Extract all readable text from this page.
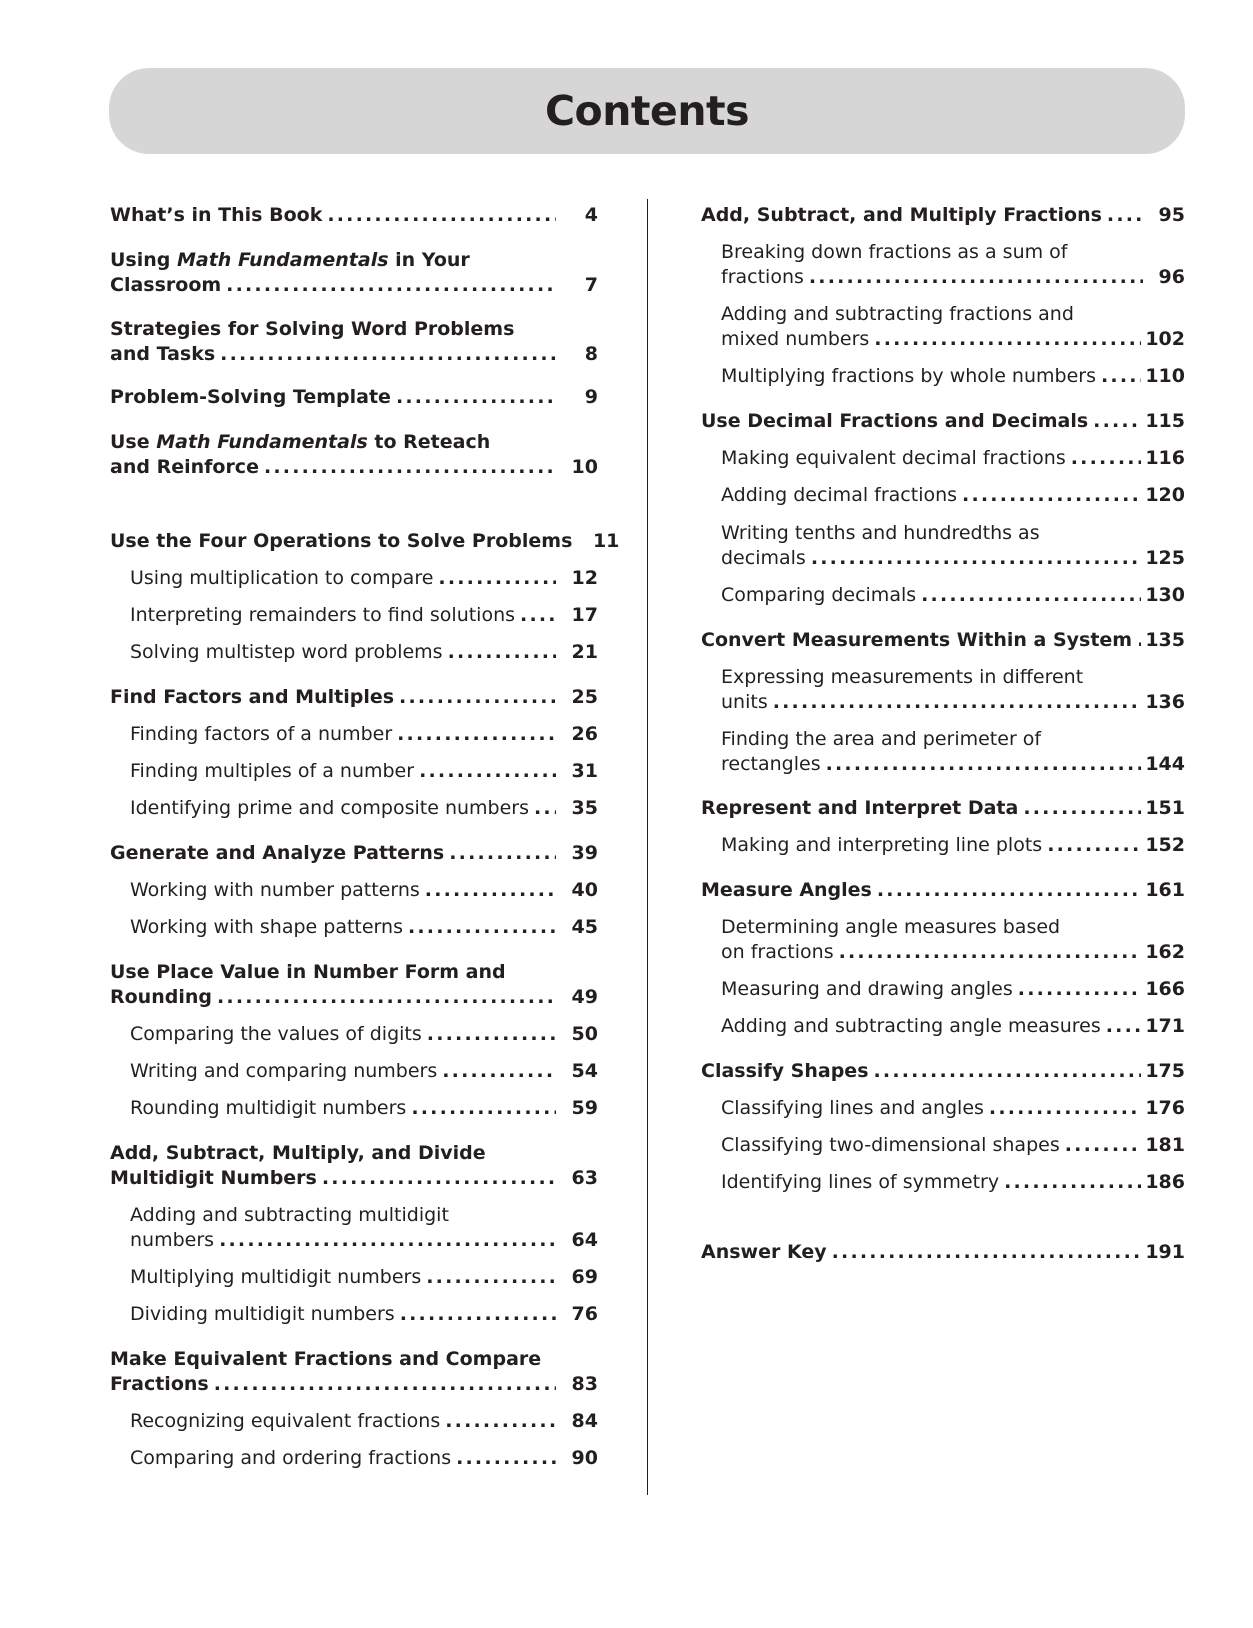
Contents
What’s in This Book .....	4
Using Math Fundamentals in Your
Classroom .....	7
Strategies for Solving Word Problems
and Tasks .....	8
Problem-Solving Template .....	9
Use Math Fundamentals to Reteach
and Reinforce .....	10
Use the Four Operations to Solve Problems	11
Using multiplication to compare .....	12
Interpreting remainders to find solutions .....	17
Solving multistep word problems .....	21
Find Factors and Multiples .....	25
Finding factors of a number .....	26
Finding multiples of a number .....	31
Identifying prime and composite numbers .....	35
Generate and Analyze Patterns .....	39
Working with number patterns .....	40
Working with shape patterns .....	45
Use Place Value in Number Form and
Rounding .....	49
Comparing the values of digits .....	50
Writing and comparing numbers .....	54
Rounding multidigit numbers .....	59
Add, Subtract, Multiply, and Divide
Multidigit Numbers .....	63
Adding and subtracting multidigit
numbers .....	64
Multiplying multidigit numbers .....	69
Dividing multidigit numbers .....	76
Make Equivalent Fractions and Compare
Fractions .....	83
Recognizing equivalent fractions .....	84
Comparing and ordering fractions .....	90
Add, Subtract, and Multiply Fractions .....	95
Breaking down fractions as a sum of
fractions .....	96
Adding and subtracting fractions and
mixed numbers .....	102
Multiplying fractions by whole numbers .....	110
Use Decimal Fractions and Decimals .....	115
Making equivalent decimal fractions .....	116
Adding decimal fractions .....	120
Writing tenths and hundredths as
decimals .....	125
Comparing decimals .....	130
Convert Measurements Within a System ..... 135
Expressing measurements in different
units .....	136
Finding the area and perimeter of
rectangles .....	144
Represent and Interpret Data .....	151
Making and interpreting line plots .....	152
Measure Angles .....	161
Determining angle measures based
on fractions .....	162
Measuring and drawing angles .....	166
Adding and subtracting angle measures ..... 171
Classify Shapes .....	175
Classifying lines and angles .....	176
Classifying two-dimensional shapes .....	181
Identifying lines of symmetry .....	186
Answer Key .....	191
